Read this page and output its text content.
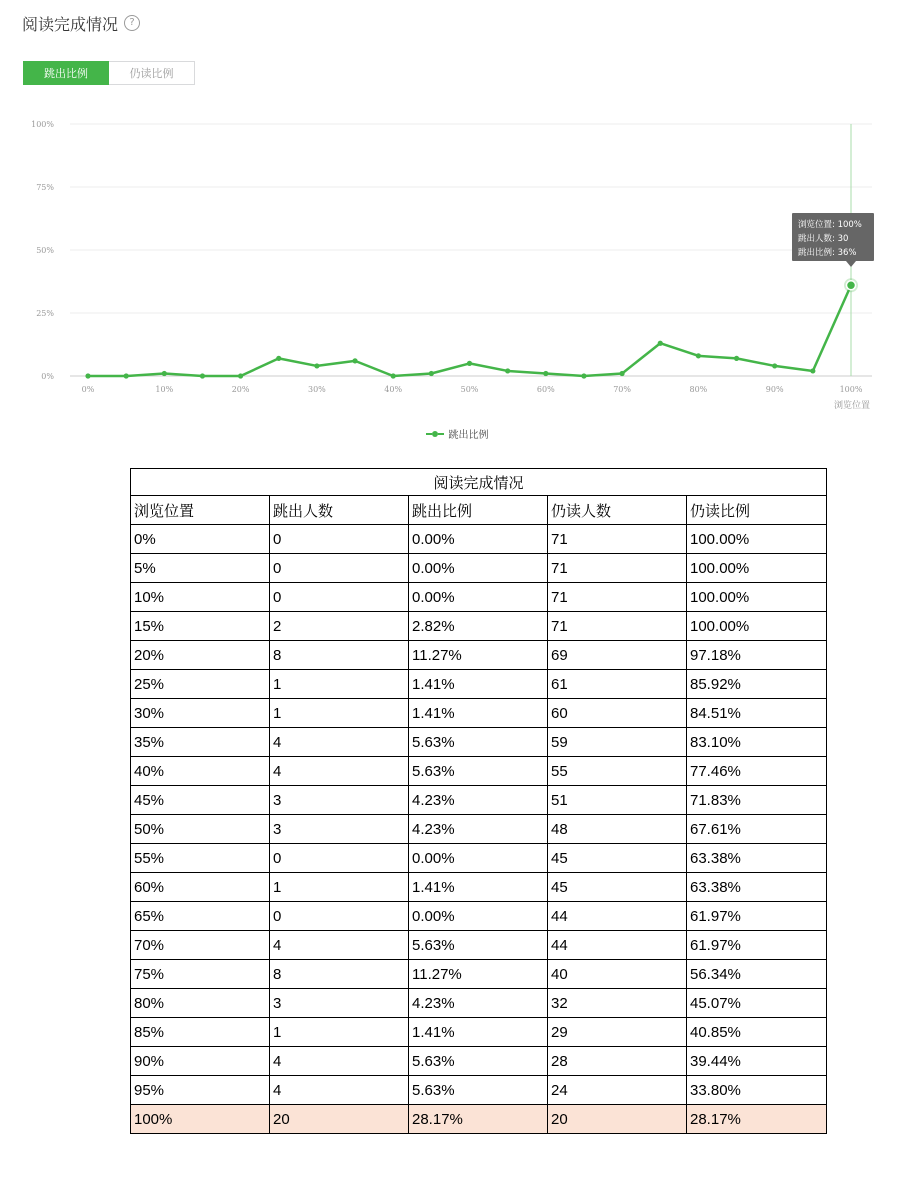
阅读完成情况	?
跳出比例	仍读比例
100%
75%
50%
25%
0%
0%	10%	20%	30%	40%	50%	60%	70%	80%	90%	100%
浏览位置
浏览位置: 100%
跳出人数: 30
跳出比例: 36%
跳出比例
阅读完成情况				
浏览位置	跳出人数	跳出比例	仍读人数	仍读比例
0%	0	0.00%	71	100.00%
5%	0	0.00%	71	100.00%
10%	0	0.00%	71	100.00%
15%	2	2.82%	71	100.00%
20%	8	11.27%	69	97.18%
25%	1	1.41%	61	85.92%
30%	1	1.41%	60	84.51%
35%	4	5.63%	59	83.10%
40%	4	5.63%	55	77.46%
45%	3	4.23%	51	71.83%
50%	3	4.23%	48	67.61%
55%	0	0.00%	45	63.38%
60%	1	1.41%	45	63.38%
65%	0	0.00%	44	61.97%
70%	4	5.63%	44	61.97%
75%	8	11.27%	40	56.34%
80%	3	4.23%	32	45.07%
85%	1	1.41%	29	40.85%
90%	4	5.63%	28	39.44%
95%	4	5.63%	24	33.80%
100%	20	28.17%	20	28.17%
